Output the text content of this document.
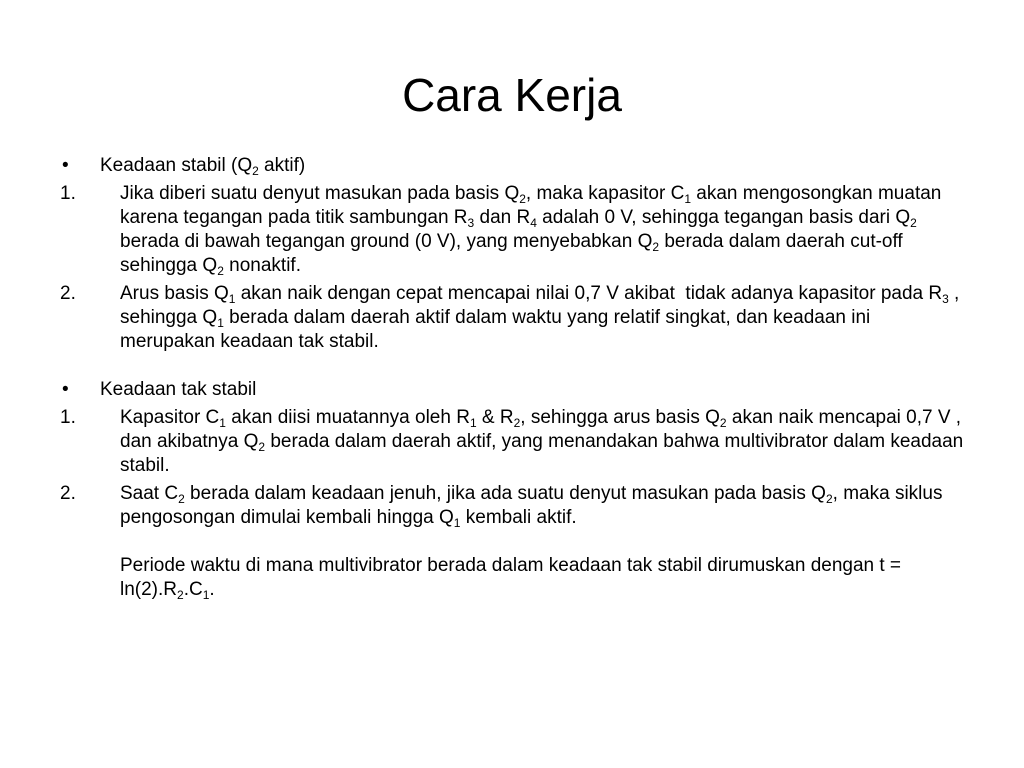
Cara Kerja
• Keadaan stabil ($Q_2$ aktif)
1. Jika diberi suatu denyut masukan pada basis $Q_2$, maka kapasitor $C_1$ akan mengosongkan muatan karena tegangan pada titik sambungan $R_3$ dan $R_4$ adalah 0 V, sehingga tegangan basis dari $Q_2$ berada di bawah tegangan ground (0 V), yang menyebabkan $Q_2$ berada dalam daerah cut-off sehingga $Q_2$ nonaktif.
2. Arus basis $Q_1$ akan naik dengan cepat mencapai nilai 0,7 V akibat  tidak adanya kapasitor pada $R_3$ , sehingga $Q_1$ berada dalam daerah aktif dalam waktu yang relatif singkat, dan keadaan ini merupakan keadaan tak stabil.
• Keadaan tak stabil
1. Kapasitor $C_1$ akan diisi muatannya oleh $R_1$ & $R_2$, sehingga arus basis $Q_2$ akan naik mencapai 0,7 V , dan akibatnya $Q_2$ berada dalam daerah aktif, yang menandakan bahwa multivibrator dalam keadaan stabil.
2. Saat $C_2$ berada dalam keadaan jenuh, jika ada suatu denyut masukan pada basis $Q_2$, maka siklus pengosongan dimulai kembali hingga $Q_1$ kembali aktif.
Periode waktu di mana multivibrator berada dalam keadaan tak stabil dirumuskan dengan $t = \ln(2).R_2.C_1$.
